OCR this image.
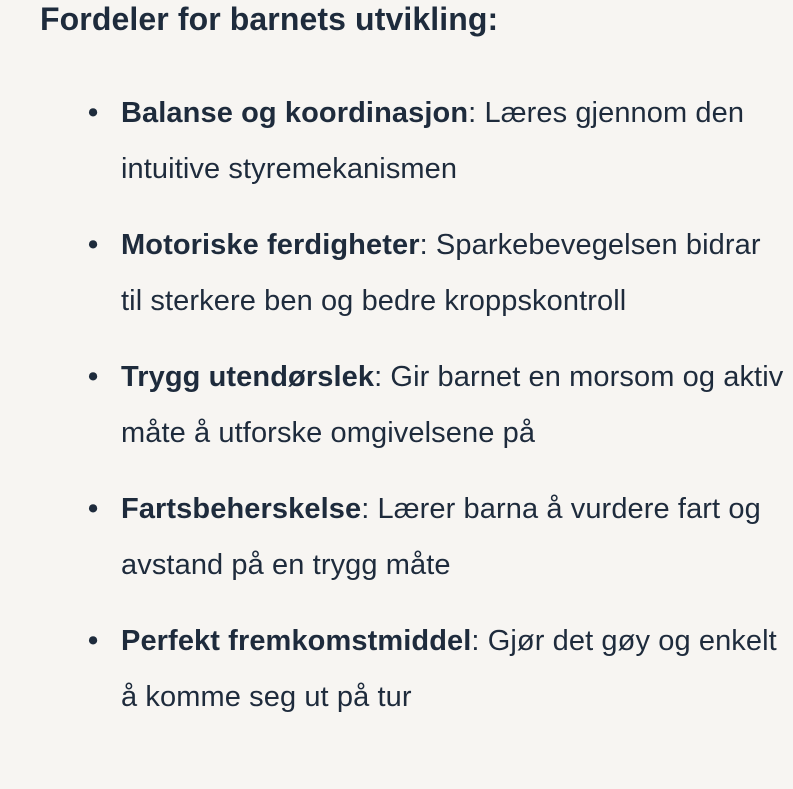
Fordeler for barnets utvikling:
• Balanse og koordinasjon: Læres gjennom den intuitive styremekanismen
• Motoriske ferdigheter: Sparkebevegelsen bidrar til sterkere ben og bedre kroppskontroll
• Trygg utendørslek: Gir barnet en morsom og aktiv måte å utforske omgivelsene på
• Fartsbeherskelse: Lærer barna å vurdere fart og avstand på en trygg måte
• Perfekt fremkomstmiddel: Gjør det gøy og enkelt å komme seg ut på tur
